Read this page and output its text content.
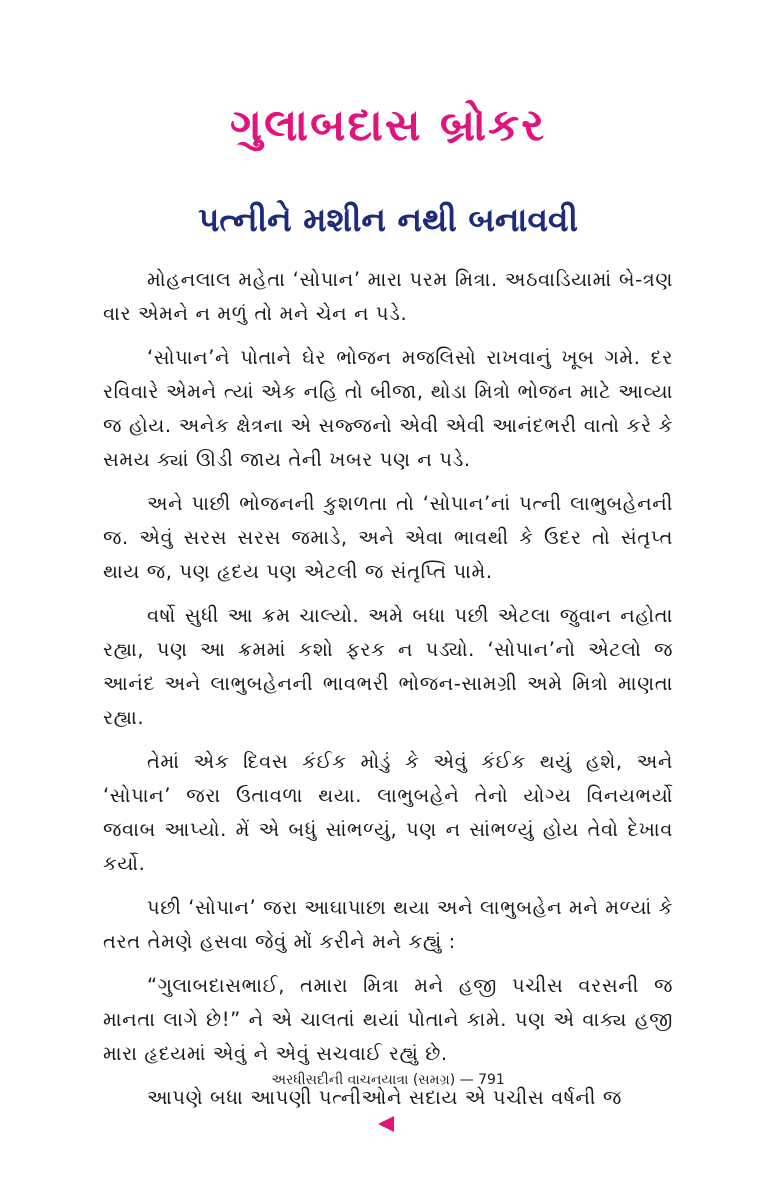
ગુલાબદાસ બ્રોકર
પત્નીને મશીન નથી બનાવવી

મોહનલાલ મહેતા ‘સોપાન’ મારા પરમ મિત્રા. અઠવાડિયામાં બે-ત્રણ વાર એમને ન મળું તો મને ચેન ન પડે.

‘સોપાન’ને પોતાને ઘેર ભોજન મજલિસો રાખવાનું ખૂબ ગમે. દર રવિવારે એમને ત્યાં એક નહિ તો બીજા, થોડા મિત્રો ભોજન માટે આવ્યા જ હોય. અનેક ક્ષેત્રના એ સજ્જનો એવી એવી આનંદભરી વાતો કરે કે સમય ક્યાં ઊડી જાય તેની ખબર પણ ન પડે.

અને પાછી ભોજનની કુશળતા તો ‘સોપાન’નાં પત્ની લાભુબહેનની જ. એવું સરસ સરસ જમાડે, અને એવા ભાવથી કે ઉદર તો સંતૃપ્ત થાય જ, પણ હૃદય પણ એટલી જ સંતૃપ્તિ પામે.

વર્ષો સુધી આ ક્રમ ચાલ્યો. અમે બધા પછી એટલા જુવાન નહોતા રહ્યા, પણ આ ક્રમમાં કશો ફરક ન પડ્યો. ‘સોપાન’નો એટલો જ આનંદ અને લાભુબહેનની ભાવભરી ભોજન-સામગ્રી અમે મિત્રો માણતા રહ્યા.

તેમાં એક દિવસ કંઈક મોડું કે એવું કંઈક થયું હશે, અને ‘સોપાન’ જરા ઉતાવળા થયા. લાભુબહેને તેનો યોગ્ય વિનયભર્યો જવાબ આપ્યો. મેં એ બધું સાંભળ્યું, પણ ન સાંભળ્યું હોય તેવો દેખાવ કર્યો.

પછી ‘સોપાન’ જરા આઘાપાછા થયા અને લાભુબહેન મને મળ્યાં કે તરત તેમણે હસવા જેવું મોં કરીને મને કહ્યું :

“ગુલાબદાસભાઈ, તમારા મિત્રા મને હજી પચીસ વરસની જ માનતા લાગે છે!” ને એ ચાલતાં થયાં પોતાને કામે. પણ એ વાક્ય હજી મારા હૃદયમાં એવું ને એવું સચવાઈ રહ્યું છે.

આપણે બધા આપણી પત્નીઓને સદાય એ પચીસ વર્ષની જ

અરધીસદીની વાચનયાત્રા (સમગ્ર) — 791
